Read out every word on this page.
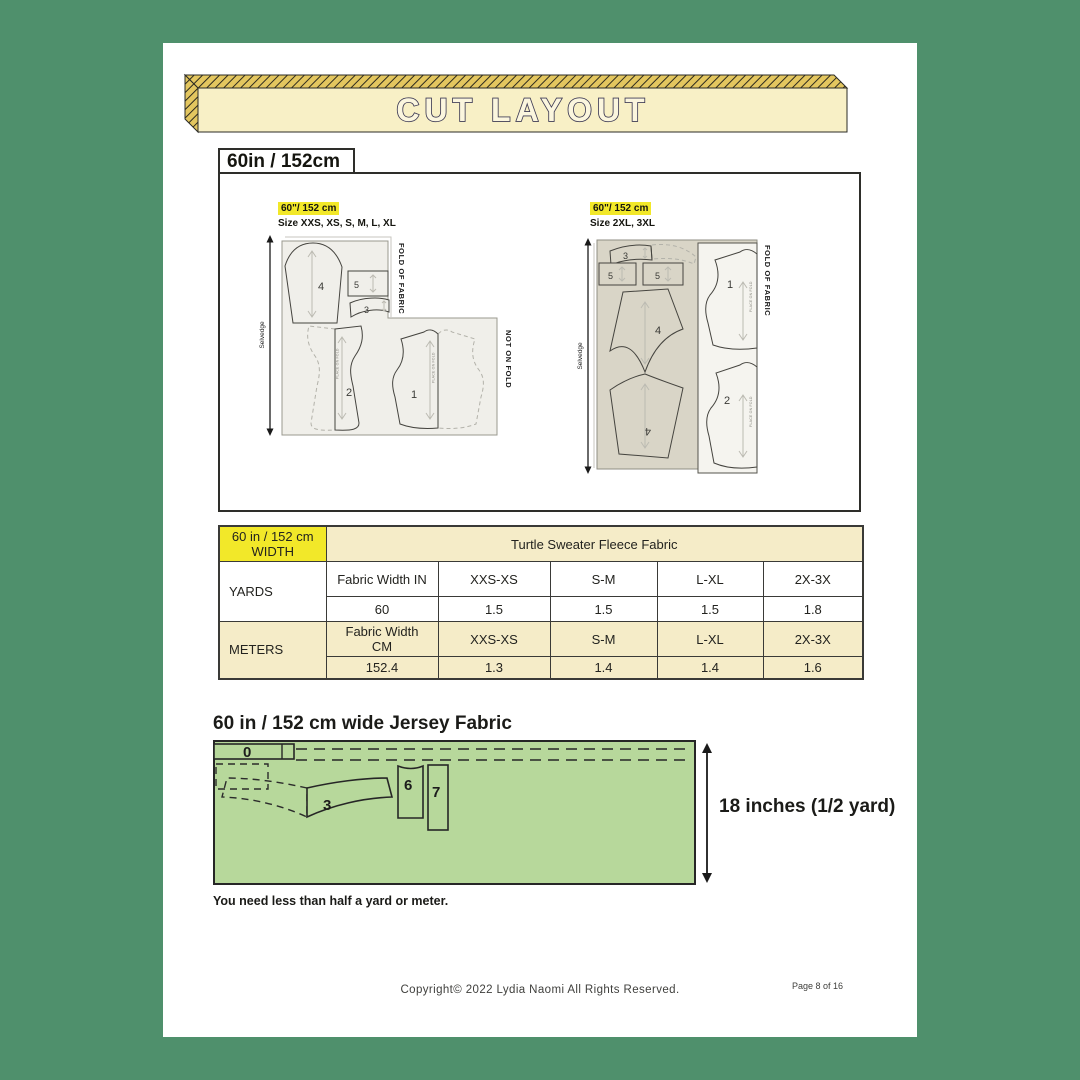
CUT LAYOUT
60in / 152cm
60"/ 152 cm
Size XXS, XS, S, M, L, XL
60"/ 152 cm
Size 2XL, 3XL
Selvedge
FOLD OF FABRIC
NOT ON FOLD
4	5
3
PLACE ON FOLD
2
PLACE ON FOLD
1
Selvedge
FOLD OF FABRIC
3
5	5
4
4
PLACE ON FOLD
1
PLACE ON FOLD
2
60 in / 152 cm WIDTH	Turtle Sweater Fleece Fabric				
YARDS	Fabric Width IN	XXS-XS	S-M	L-XL	2X-3X
	60	1.5	1.5	1.5	1.8
METERS	Fabric Width CM	XXS-XS	S-M	L-XL	2X-3X
	152.4	1.3	1.4	1.4	1.6
60 in / 152 cm wide Jersey Fabric
0
3
6 7
18 inches (1/2 yard)
You need less than half a yard or meter.
Copyright© 2022 Lydia Naomi All Rights Reserved.	Page 8 of 16
